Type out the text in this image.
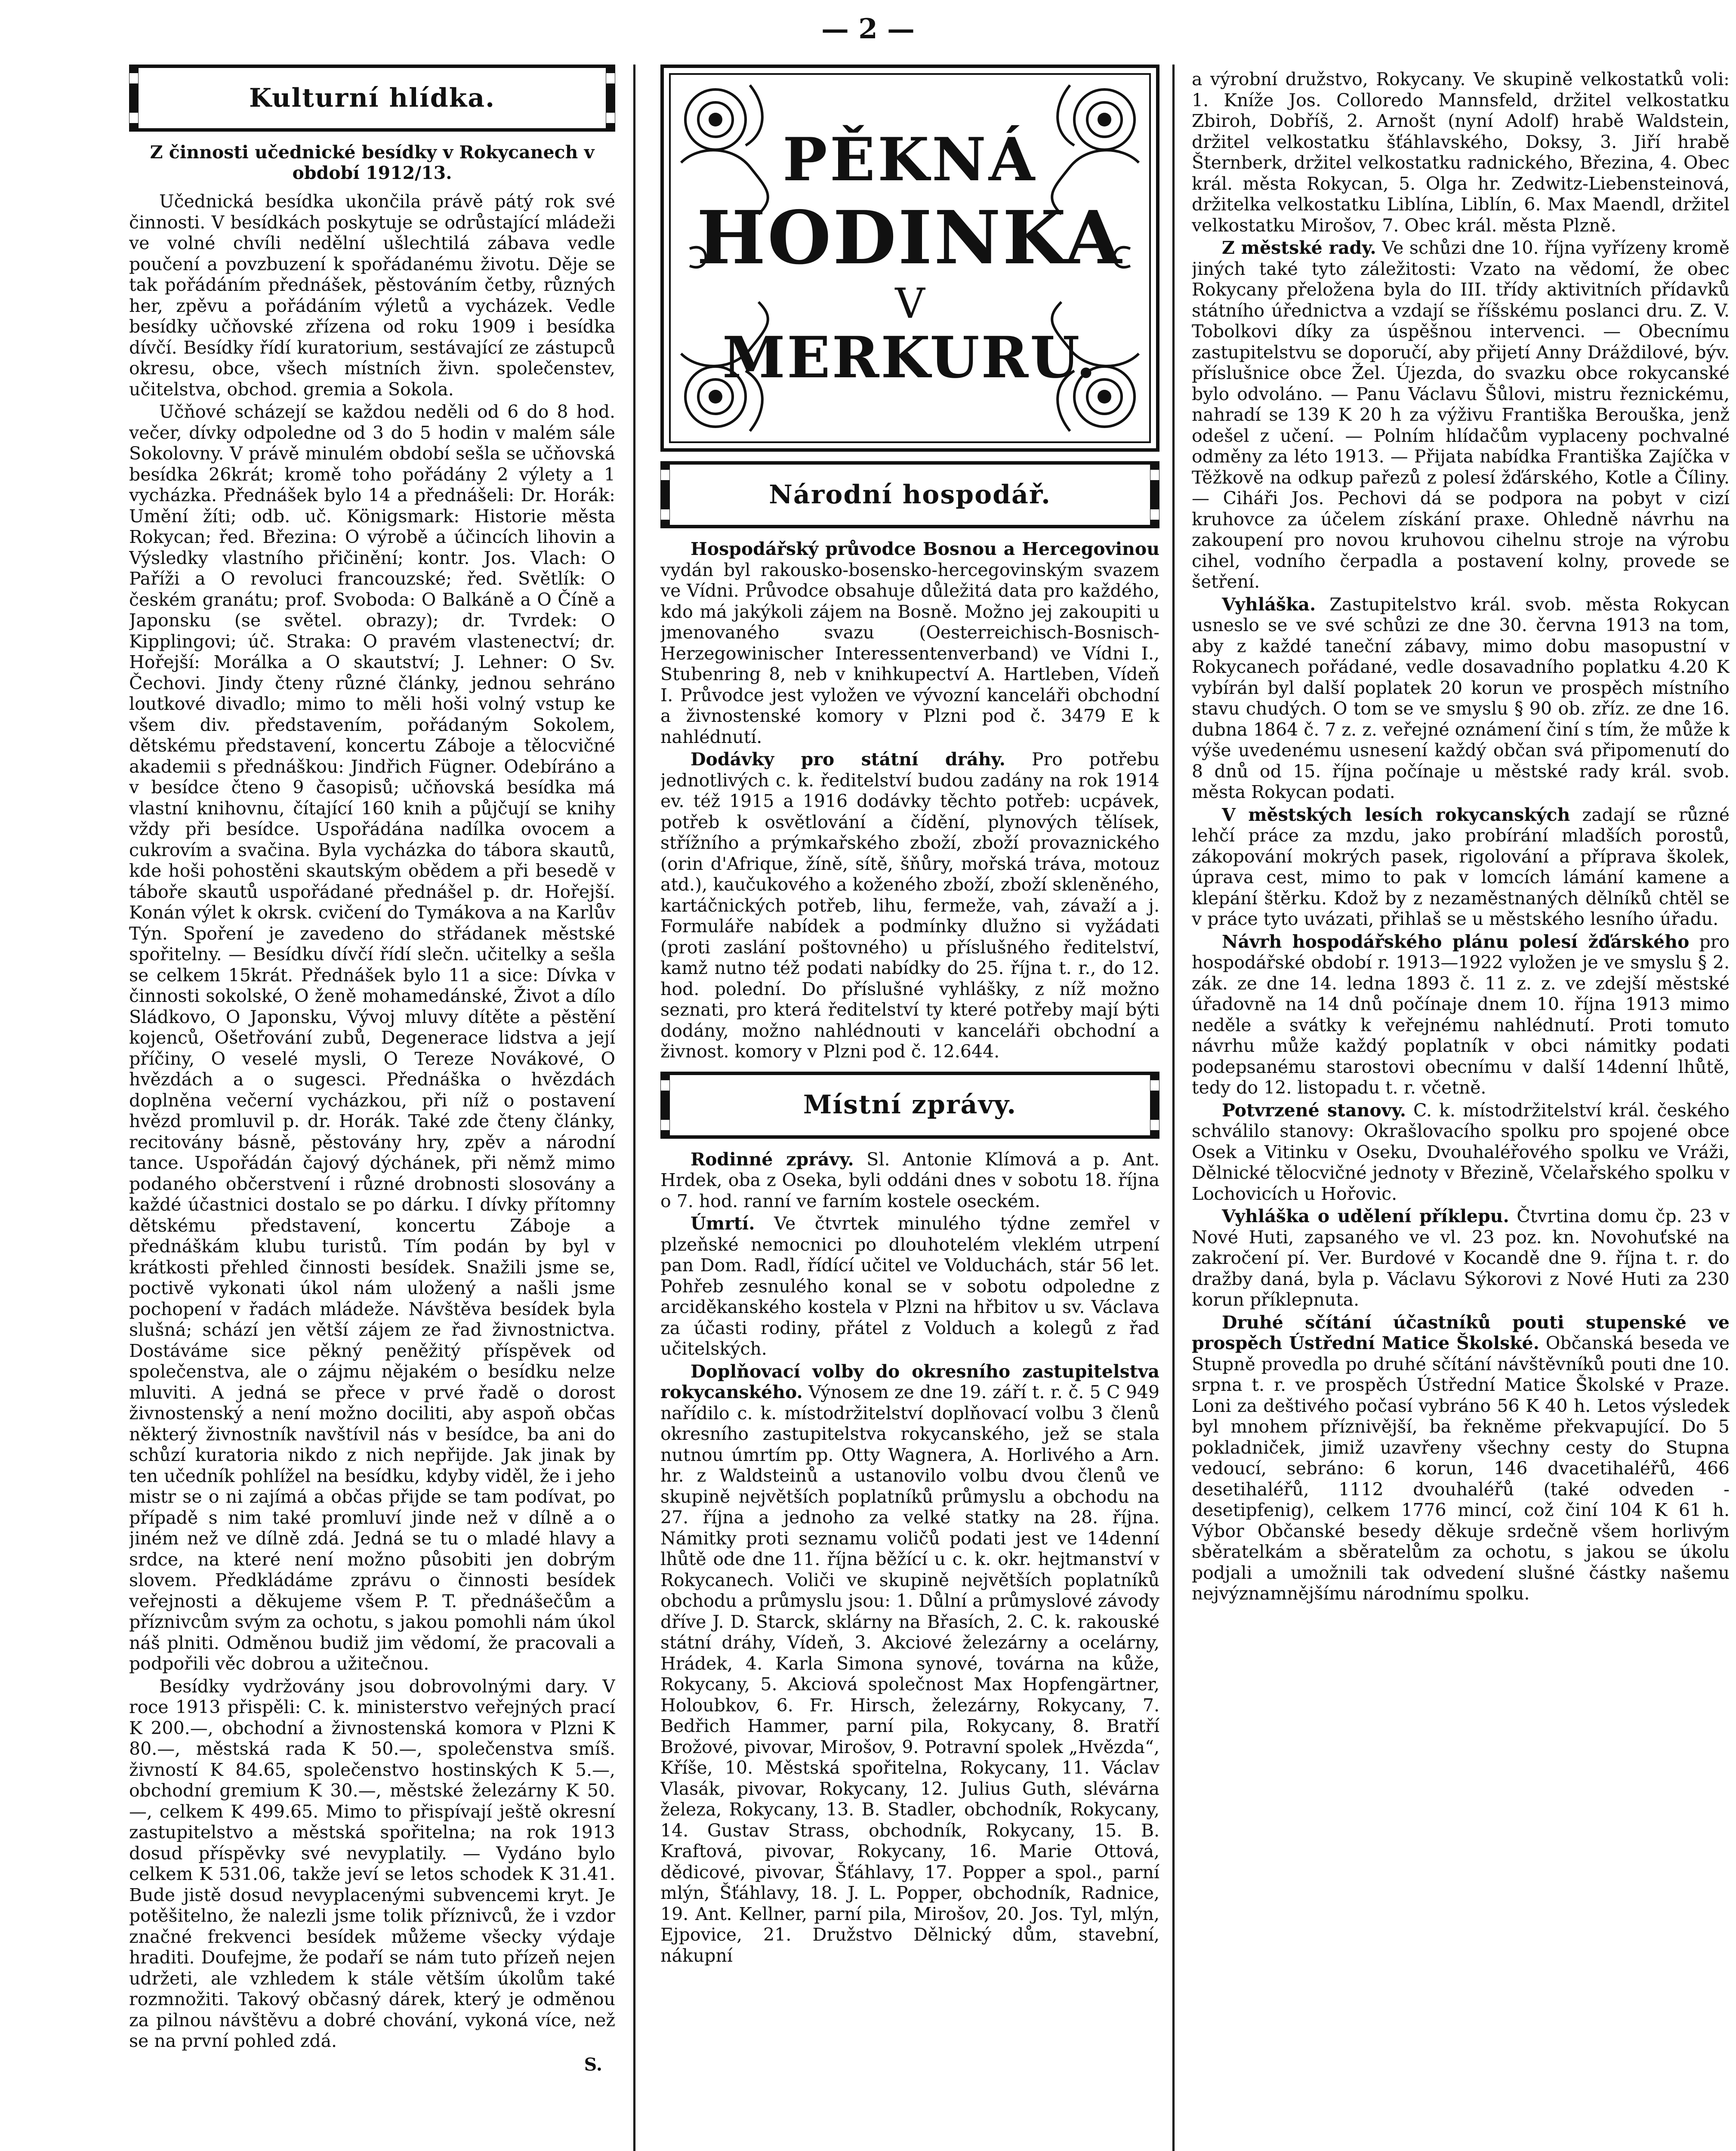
— 2 —
Kulturní hlídka.
Z činnosti učednické besídky v Rokycanech v období 1912/13.

Učednická besídka ukončila právě pátý rok své činnosti. V besídkách poskytuje se odrůstající mládeži ve volné chvíli nedělní ušlechtilá zábava vedle poučení a povzbuzení k spořádanému životu. Děje se tak pořádáním přednášek, pěstováním četby, různých her, zpěvu a pořádáním výletů a vycházek. Vedle besídky učňovské zřízena od roku 1909 i besídka dívčí. Besídky řídí kuratorium, sestávající ze zástupců okresu, obce, všech místních živn. společenstev, učitelstva, obchod. gremia a Sokola.

Učňové scházejí se každou neděli od 6 do 8 hod. večer, dívky odpoledne od 3 do 5 hodin v malém sále Sokolovny. V právě minulém období sešla se učňovská besídka 26krát; kromě toho pořádány 2 výlety a 1 vycházka. Přednášek bylo 14 a přednášeli: Dr. Horák: Umění žíti; odb. uč. Königsmark: Historie města Rokycan; řed. Březina: O výrobě a účincích lihovin a Výsledky vlastního přičinění; kontr. Jos. Vlach: O Paříži a O revoluci francouzské; řed. Světlík: O českém granátu; prof. Svoboda: O Balkáně a O Číně a Japonsku (se světel. obrazy); dr. Tvrdek: O Kipplingovi; úč. Straka: O pravém vlastenectví; dr. Hořejší: Morálka a O skautství; J. Lehner: O Sv. Čechovi. Jindy čteny různé články, jednou sehráno loutkové divadlo; mimo to měli hoši volný vstup ke všem div. představením, pořádaným Sokolem, dětskému představení, koncertu Záboje a tělocvičné akademii s přednáškou: Jindřich Fügner. Odebíráno a v besídce čteno 9 časopisů; učňovská besídka má vlastní knihovnu, čítající 160 knih a půjčují se knihy vždy při besídce. Uspořádána nadílka ovocem a cukrovím a svačina. Byla vycházka do tábora skautů, kde hoši pohostěni skautským obědem a při besedě v táboře skautů uspořádané přednášel p. dr. Hořejší. Konán výlet k okrsk. cvičení do Tymákova a na Karlův Týn. Spoření je zavedeno do střádanek městské spořitelny. — Besídku dívčí řídí slečn. učitelky a sešla se celkem 15krát. Přednášek bylo 11 a sice: Dívka v činnosti sokolské, O ženě mohamedánské, Život a dílo Sládkovo, O Japonsku, Vývoj mluvy dítěte a pěstění kojenců, Ošetřování zubů, Degenerace lidstva a její příčiny, O veselé mysli, O Tereze Novákové, O hvězdách a o sugesci. Přednáška o hvězdách doplněna večerní vycházkou, při níž o postavení hvězd promluvil p. dr. Horák. Také zde čteny články, recitovány básně, pěstovány hry, zpěv a národní tance. Uspořádán čajový dýchánek, při němž mimo podaného občerstvení i různé drobnosti slosovány a každé účastnici dostalo se po dárku. I dívky přítomny dětskému představení, koncertu Záboje a přednáškám klubu turistů. Tím podán by byl v krátkosti přehled činnosti besídek. Snažili jsme se, poctivě vykonati úkol nám uložený a našli jsme pochopení v řadách mládeže. Návštěva besídek byla slušná; schází jen větší zájem ze řad živnostnictva. Dostáváme sice pěkný peněžitý příspěvek od společenstva, ale o zájmu nějakém o besídku nelze mluviti. A jedná se přece v prvé řadě o dorost živnostenský a není možno dociliti, aby aspoň občas některý živnostník navštívil nás v besídce, ba ani do schůzí kuratoria nikdo z nich nepřijde. Jak jinak by ten učedník pohlížel na besídku, kdyby viděl, že i jeho mistr se o ni zajímá a občas přijde se tam podívat, po případě s nim také promluví jinde než v dílně a o jiném než ve dílně zdá. Jedná se tu o mladé hlavy a srdce, na které není možno působiti jen dobrým slovem. Předkládáme zprávu o činnosti besídek veřejnosti a děkujeme všem P. T. přednášečům a příznivcům svým za ochotu, s jakou pomohli nám úkol náš plniti. Odměnou budiž jim vědomí, že pracovali a podpořili věc dobrou a užitečnou.

Besídky vydržovány jsou dobrovolnými dary. V roce 1913 přispěli: C. k. ministerstvo veřejných prací K 200.—, obchodní a živnostenská komora v Plzni K 80.—, městská rada K 50.—, společenstva smíš. živností K 84.65, společenstvo hostinských K 5.—, obchodní gremium K 30.—, městské železárny K 50.—, celkem K 499.65. Mimo to přispívají ještě okresní zastupitelstvo a městská spořitelna; na rok 1913 dosud příspěvky své nevyplatily. — Vydáno bylo celkem K 531.06, takže jeví se letos schodek K 31.41. Bude jistě dosud nevyplacenými subvencemi kryt. Je potěšitelno, že nalezli jsme tolik příznivců, že i vzdor značné frekvenci besídek můžeme všecky výdaje hraditi. Doufejme, že podaří se nám tuto přízeň nejen udržeti, ale vzhledem k stále větším úkolům také rozmnožiti. Takový občasný dárek, který je odměnou za pilnou návštěvu a dobré chování, vykoná více, než se na první pohled zdá.

S.
PĚKNÁ
HODINKA
V
MERKURU.
Národní hospodář.

Hospodářský průvodce Bosnou a Hercegovinou vydán byl rakousko-bosensko-hercegovinským svazem ve Vídni. Průvodce obsahuje důležitá data pro každého, kdo má jakýkoli zájem na Bosně. Možno jej zakoupiti u jmenovaného svazu (Oesterreichisch-Bosnisch-Herzegowinischer Interessentenverband) ve Vídni I., Stubenring 8, neb v knihkupectví A. Hartleben, Vídeň I. Průvodce jest vyložen ve vývozní kanceláři obchodní a živnostenské komory v Plzni pod č. 3479 E k nahlédnutí.

Dodávky pro státní dráhy. Pro potřebu jednotlivých c. k. ředitelství budou zadány na rok 1914 ev. též 1915 a 1916 dodávky těchto potřeb: ucpávek, potřeb k osvětlování a čídění, plynových tělísek, střížního a prýmkařského zboží, zboží provaznického (orin d'Afrique, žíně, sítě, šňůry, mořská tráva, motouz atd.), kaučukového a koženého zboží, zboží skleněného, kartáčnických potřeb, lihu, fermeže, vah, závaží a j. Formuláře nabídek a podmínky dlužno si vyžádati (proti zaslání poštovného) u příslušného ředitelství, kamž nutno též podati nabídky do 25. října t. r., do 12. hod. polední. Do příslušné vyhlášky, z níž možno seznati, pro která ředitelství ty které potřeby mají býti dodány, možno nahlédnouti v kanceláři obchodní a živnost. komory v Plzni pod č. 12.644.

Místní zprávy.

Rodinné zprávy. Sl. Antonie Klímová a p. Ant. Hrdek, oba z Oseka, byli oddáni dnes v sobotu 18. října o 7. hod. ranní ve farním kostele oseckém.

Úmrtí. Ve čtvrtek minulého týdne zemřel v plzeňské nemocnici po dlouhotelém vleklém utrpení pan Dom. Radl, řídící učitel ve Volduchách, stár 56 let. Pohřeb zesnulého konal se v sobotu odpoledne z arciděkanského kostela v Plzni na hřbitov u sv. Václava za účasti rodiny, přátel z Volduch a kolegů z řad učitelských.

Doplňovací volby do okresního zastupitelstva rokycanského. Výnosem ze dne 19. září t. r. č. 5 C 949 nařídilo c. k. místodržitelství doplňovací volbu 3 členů okresního zastupitelstva rokycanského, jež se stala nutnou úmrtím pp. Otty Wagnera, A. Horlivého a Arn. hr. z Waldsteinů a ustanovilo volbu dvou členů ve skupině největších poplatníků průmyslu a obchodu na 27. října a jednoho za velké statky na 28. října. Námitky proti seznamu voličů podati jest ve 14denní lhůtě ode dne 11. října běžící u c. k. okr. hejtmanství v Rokycanech. Voliči ve skupině největších poplatníků obchodu a průmyslu jsou: 1. Důlní a průmyslové závody dříve J. D. Starck, sklárny na Břasích, 2. C. k. rakouské státní dráhy, Vídeň, 3. Akciové železárny a ocelárny, Hrádek, 4. Karla Simona synové, továrna na kůže, Rokycany, 5. Akciová společnost Max Hopfengärtner, Holoubkov, 6. Fr. Hirsch, železárny, Rokycany, 7. Bedřich Hammer, parní pila, Rokycany, 8. Bratří Brožové, pivovar, Mirošov, 9. Potravní spolek „Hvězda“, Kříše, 10. Městská spořitelna, Rokycany, 11. Václav Vlasák, pivovar, Rokycany, 12. Julius Guth, slévárna železa, Rokycany, 13. B. Stadler, obchodník, Rokycany, 14. Gustav Strass, obchodník, Rokycany, 15. B. Kraftová, pivovar, Rokycany, 16. Marie Ottová, dědicové, pivovar, Šťáhlavy, 17. Popper a spol., parní mlýn, Šťáhlavy, 18. J. L. Popper, obchodník, Radnice, 19. Ant. Kellner, parní pila, Mirošov, 20. Jos. Tyl, mlýn, Ejpovice, 21. Družstvo Dělnický dům, stavební, nákupní

a výrobní družstvo, Rokycany. Ve skupině velkostatků voli: 1. Kníže Jos. Colloredo Mannsfeld, držitel velkostatku Zbiroh, Dobříš, 2. Arnošt (nyní Adolf) hrabě Waldstein, držitel velkostatku šťáhlavského, Doksy, 3. Jiří hrabě Šternberk, držitel velkostatku radnického, Březina, 4. Obec král. města Rokycan, 5. Olga hr. Zedwitz-Liebensteinová, držitelka velkostatku Liblína, Liblín, 6. Max Maendl, držitel velkostatku Mirošov, 7. Obec král. města Plzně.

Z městské rady. Ve schůzi dne 10. října vyřízeny kromě jiných také tyto záležitosti: Vzato na vědomí, že obec Rokycany přeložena byla do III. třídy aktivitních přídavků státního úřednictva a vzdají se říšskému poslanci dru. Z. V. Tobolkovi díky za úspěšnou intervenci. — Obecnímu zastupitelstvu se doporučí, aby přijetí Anny Dráždilové, býv. příslušnice obce Žel. Újezda, do svazku obce rokycanské bylo odvoláno. — Panu Václavu Šůlovi, mistru řeznickému, nahradí se 139 K 20 h za výživu Františka Berouška, jenž odešel z učení. — Polním hlídačům vyplaceny pochvalné odměny za léto 1913. — Přijata nabídka Františka Zajíčka v Těžkově na odkup pařezů z polesí žďárského, Kotle a Číliny. — Ciháři Jos. Pechovi dá se podpora na pobyt v cizí kruhovce za účelem získání praxe. Ohledně návrhu na zakoupení pro novou kruhovou cihelnu stroje na výrobu cihel, vodního čerpadla a postavení kolny, provede se šetření.

Vyhláška. Zastupitelstvo král. svob. města Rokycan usneslo se ve své schůzi ze dne 30. června 1913 na tom, aby z každé taneční zábavy, mimo dobu masopustní v Rokycanech pořádané, vedle dosavadního poplatku 4.20 K vybírán byl další poplatek 20 korun ve prospěch místního stavu chudých. O tom se ve smyslu § 90 ob. zříz. ze dne 16. dubna 1864 č. 7 z. z. veřejné oznámení činí s tím, že může k výše uvedenému usnesení každý občan svá připomenutí do 8 dnů od 15. října počínaje u městské rady král. svob. města Rokycan podati.

V městských lesích rokycanských zadají se různé lehčí práce za mzdu, jako probírání mladších porostů, zákopování mokrých pasek, rigolování a příprava školek, úprava cest, mimo to pak v lomcích lámání kamene a klepání štěrku. Kdož by z nezaměstnaných dělníků chtěl se v práce tyto uvázati, přihlaš se u městského lesního úřadu.

Návrh hospodářského plánu polesí žďárského pro hospodářské období r. 1913—1922 vyložen je ve smyslu § 2. zák. ze dne 14. ledna 1893 č. 11 z. z. ve zdejší městské úřadovně na 14 dnů počínaje dnem 10. října 1913 mimo neděle a svátky k veřejnému nahlédnutí. Proti tomuto návrhu může každý poplatník v obci námitky podati podepsanému starostovi obecnímu v další 14denní lhůtě, tedy do 12. listopadu t. r. včetně.

Potvrzené stanovy. C. k. místodržitelství král. českého schválilo stanovy: Okrašlovacího spolku pro spojené obce Osek a Vitinku v Oseku, Dvouhaléřového spolku ve Vráži, Dělnické tělocvičné jednoty v Březině, Včelařského spolku v Lochovicích u Hořovic.

Vyhláška o udělení příklepu. Čtvrtina domu čp. 23 v Nové Huti, zapsaného ve vl. 23 poz. kn. Novohuťské na zakročení pí. Ver. Burdové v Kocandě dne 9. října t. r. do dražby daná, byla p. Václavu Sýkorovi z Nové Huti za 230 korun příklepnuta.

Druhé sčítání účastníků pouti stupenské ve prospěch Ústřední Matice Školské. Občanská beseda ve Stupně provedla po druhé sčítání návštěvníků pouti dne 10. srpna t. r. ve prospěch Ústřední Matice Školské v Praze. Loni za deštivého počasí vybráno 56 K 40 h. Letos výsledek byl mnohem příznivější, ba řekněme překvapující. Do 5 pokladniček, jimiž uzavřeny všechny cesty do Stupna vedoucí, sebráno: 6 korun, 146 dvacetihaléřů, 466 desetihaléřů, 1112 dvouhaléřů (také odveden - desetipfenig), celkem 1776 mincí, což činí 104 K 61 h. Výbor Občanské besedy děkuje srdečně všem horlivým sběratelkám a sběratelům za ochotu, s jakou se úkolu podjali a umožnili tak odvedení slušné částky našemu nejvýznamnějšímu národnímu spolku.
